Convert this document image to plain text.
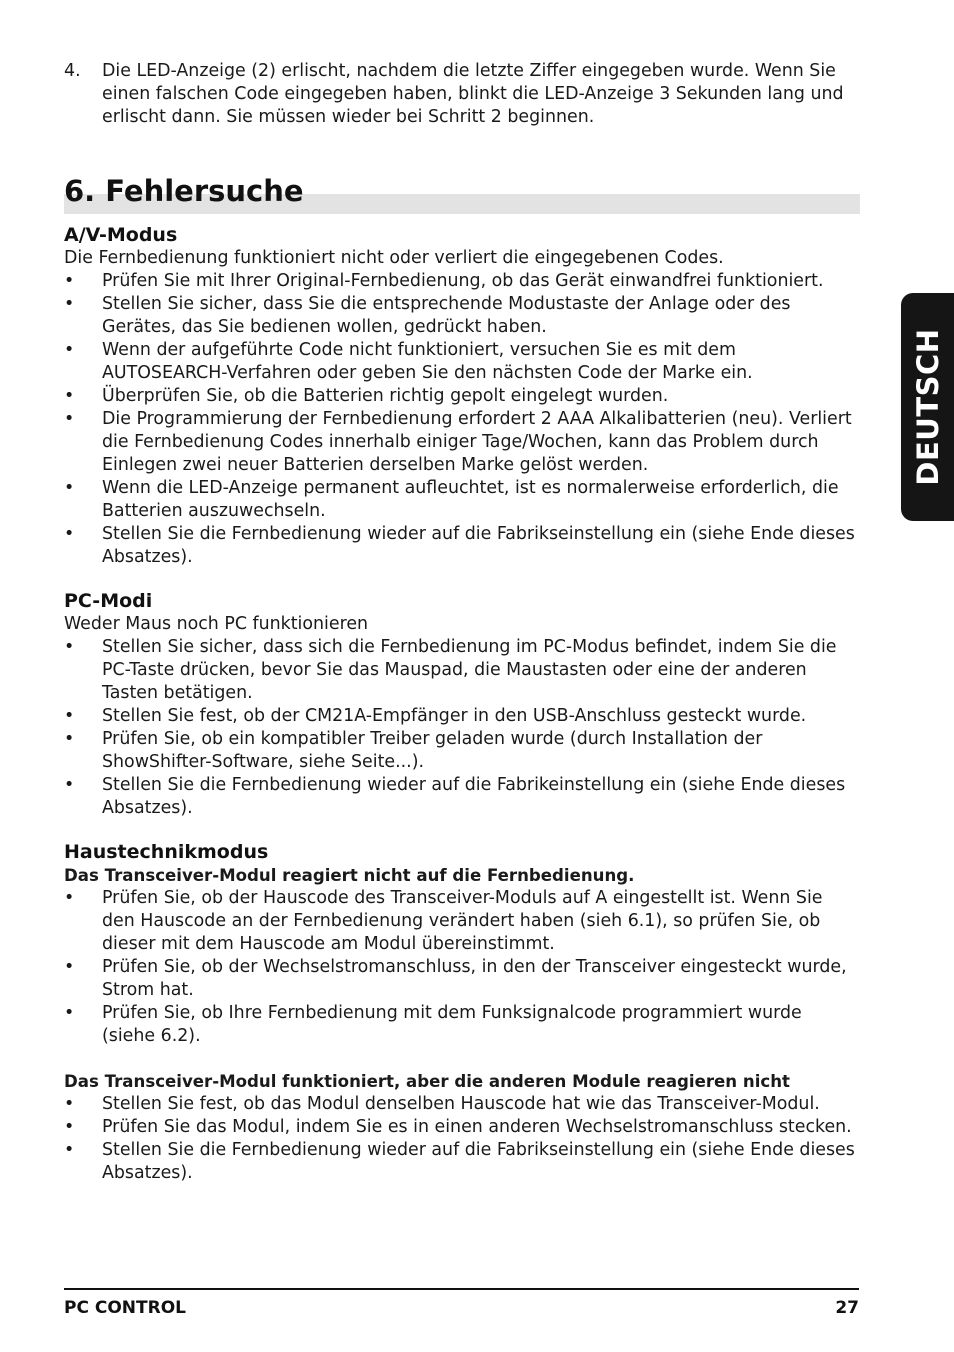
4.	Die LED-Anzeige (2) erlischt, nachdem die letzte Ziffer eingegeben wurde. Wenn Sie einen falschen Code eingegeben haben, blinkt die LED-Anzeige 3 Sekunden lang und erlischt dann. Sie müssen wieder bei Schritt 2 beginnen.

6. Fehlersuche
A/V-Modus

Die Fernbedienung funktioniert nicht oder verliert die eingegebenen Codes.

•	Prüfen Sie mit Ihrer Original-Fernbedienung, ob das Gerät einwandfrei funktioniert.
•	Stellen Sie sicher, dass Sie die entsprechende Modustaste der Anlage oder des Gerätes, das Sie bedienen wollen, gedrückt haben.
•	Wenn der aufgeführte Code nicht funktioniert, versuchen Sie es mit dem AUTOSEARCH-Verfahren oder geben Sie den nächsten Code der Marke ein.
•	Überprüfen Sie, ob die Batterien richtig gepolt eingelegt wurden.
•	Die Programmierung der Fernbedienung erfordert 2 AAA Alkalibatterien (neu). Verliert die Fernbedienung Codes innerhalb einiger Tage/Wochen, kann das Problem durch Einlegen zwei neuer Batterien derselben Marke gelöst werden.
•	Wenn die LED-Anzeige permanent aufleuchtet, ist es normalerweise erforderlich, die Batterien auszuwechseln.
•	Stellen Sie die Fernbedienung wieder auf die Fabrikseinstellung ein (siehe Ende dieses Absatzes).
PC-Modi

Weder Maus noch PC funktionieren

•	Stellen Sie sicher, dass sich die Fernbedienung im PC-Modus befindet, indem Sie die PC-Taste drücken, bevor Sie das Mauspad, die Maustasten oder eine der anderen Tasten betätigen.
•	Stellen Sie fest, ob der CM21A-Empfänger in den USB-Anschluss gesteckt wurde.
•	Prüfen Sie, ob ein kompatibler Treiber geladen wurde (durch Installation der ShowShifter-Software, siehe Seite...).
•	Stellen Sie die Fernbedienung wieder auf die Fabrikeinstellung ein (siehe Ende dieses Absatzes).
Haustechnikmodus

Das Transceiver-Modul reagiert nicht auf die Fernbedienung.

•	Prüfen Sie, ob der Hauscode des Transceiver-Moduls auf A eingestellt ist. Wenn Sie den Hauscode an der Fernbedienung verändert haben (sieh 6.1), so prüfen Sie, ob dieser mit dem Hauscode am Modul übereinstimmt.
•	Prüfen Sie, ob der Wechselstromanschluss, in den der Transceiver eingesteckt wurde, Strom hat.
•	Prüfen Sie, ob Ihre Fernbedienung mit dem Funksignalcode programmiert wurde (siehe 6.2).

Das Transceiver-Modul funktioniert, aber die anderen Module reagieren nicht

•	Stellen Sie fest, ob das Modul denselben Hauscode hat wie das Transceiver-Modul.
•	Prüfen Sie das Modul, indem Sie es in einen anderen Wechselstromanschluss stecken.
•	Stellen Sie die Fernbedienung wieder auf die Fabrikseinstellung ein (siehe Ende dieses Absatzes).
DEUTSCH
PC CONTROL	27
